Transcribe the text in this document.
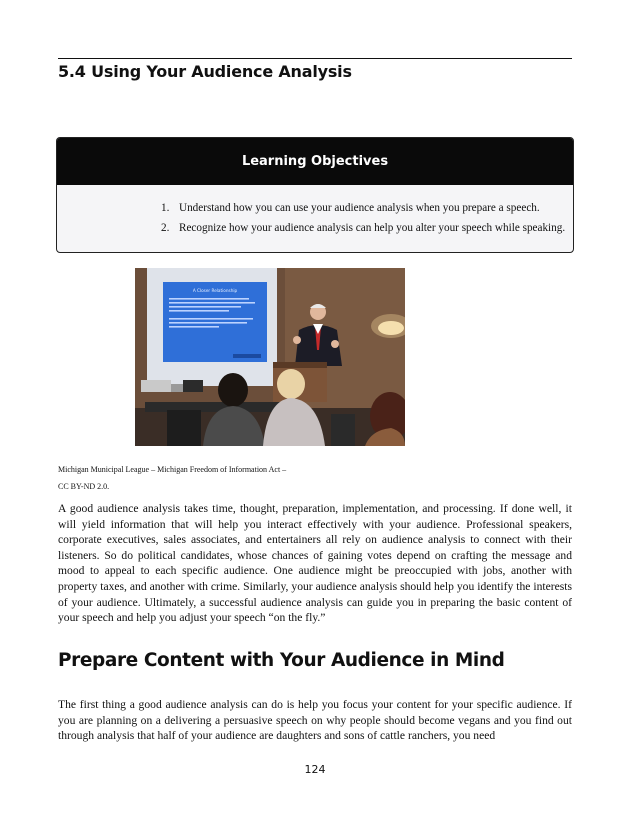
5.4 Using Your Audience Analysis
Learning Objectives
1. Understand how you can use your audience analysis when you prepare a speech.
2. Recognize how your audience analysis can help you alter your speech while speaking.
A Closer Relationship
Michigan Municipal League – Michigan Freedom of Information Act –
CC BY-ND 2.0.

A good audience analysis takes time, thought, preparation, implementation, and processing. If done well, it will yield information that will help you interact effectively with your audience. Professional speakers, corporate executives, sales associates, and entertainers all rely on audience analysis to connect with their listeners. So do political candidates, whose chances of gaining votes depend on crafting the message and mood to appeal to each specific audience. One audience might be preoccupied with jobs, another with property taxes, and another with crime. Similarly, your audience analysis should help you identify the interests of your audience. Ultimately, a successful audience analysis can guide you in preparing the basic content of your speech and help you adjust your speech “on the fly.”

Prepare Content with Your Audience in Mind

The first thing a good audience analysis can do is help you focus your content for your specific audience. If you are planning on a delivering a persuasive speech on why people should become vegans and you find out through analysis that half of your audience are daughters and sons of cattle ranchers, you need

124
